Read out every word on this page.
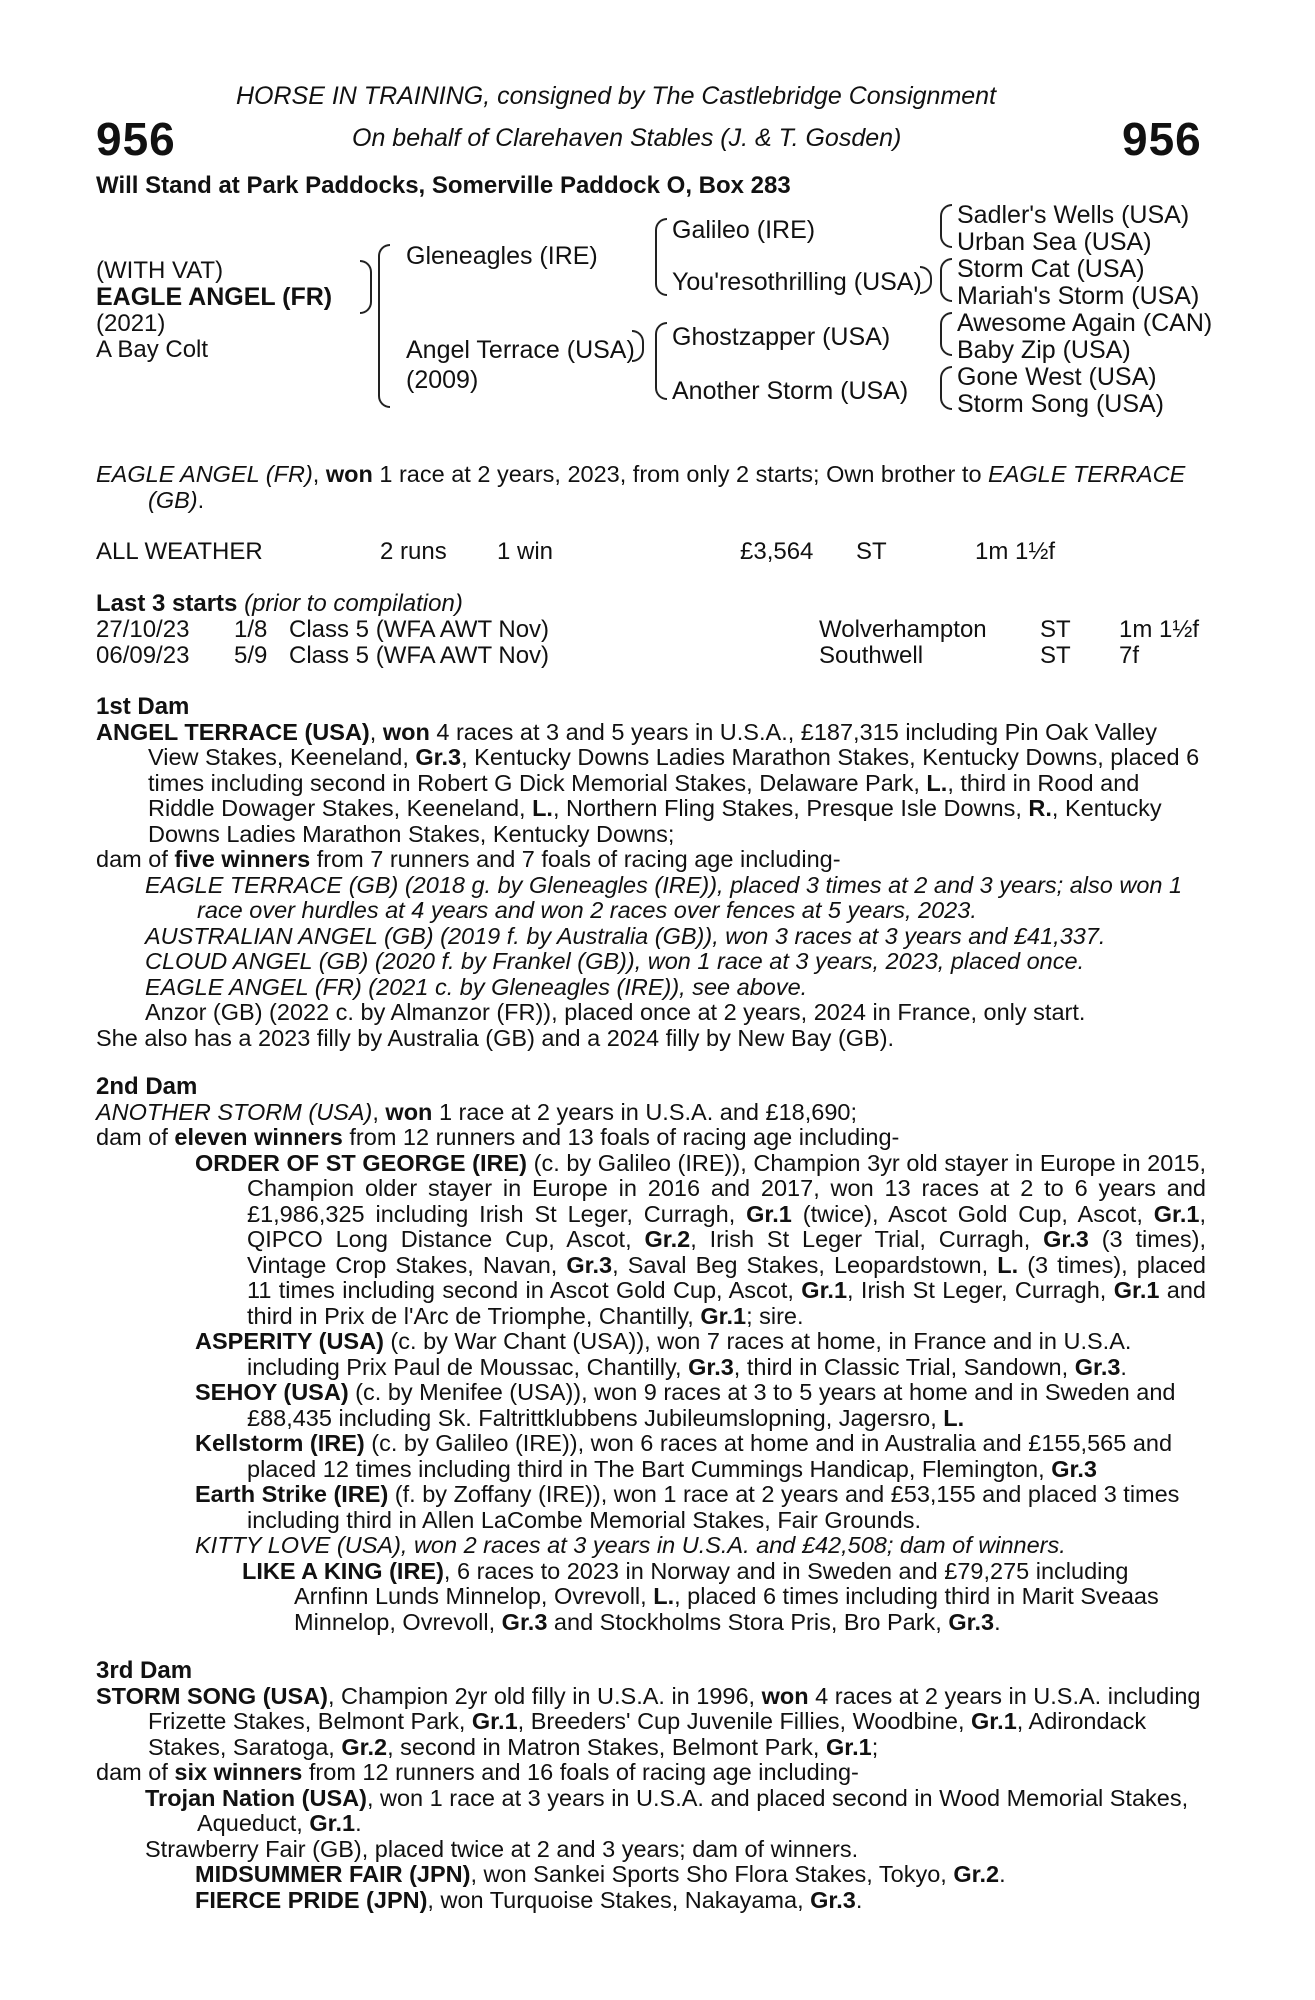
956	956
HORSE IN TRAINING, consigned by The Castlebridge Consignment
On behalf of Clarehaven Stables (J. & T. Gosden)
Will Stand at Park Paddocks, Somerville Paddock O, Box 283
(WITH VAT)
EAGLE ANGEL (FR)
(2021)
A Bay Colt
Gleneagles (IRE)
Angel Terrace (USA)
(2009)
Galileo (IRE)
You'resothrilling (USA)
Ghostzapper (USA)
Another Storm (USA)
Sadler's Wells (USA)
Urban Sea (USA)
Storm Cat (USA)
Mariah's Storm (USA)
Awesome Again (CAN)
Baby Zip (USA)
Gone West (USA)
Storm Song (USA)

EAGLE ANGEL (FR), won 1 race at 2 years, 2023, from only 2 starts; Own brother to EAGLE TERRACE (GB).

ALL WEATHER	2 runs 1 win	£3,564 ST	1m 1½f
Last 3 starts (prior to compilation)
27/10/23 1/8 Class 5 (WFA AWT Nov)	Wolverhampton ST 1m 1½f
06/09/23 5/9 Class 5 (WFA AWT Nov)	Southwell	ST 7f

1st Dam

ANGEL TERRACE (USA), won 4 races at 3 and 5 years in U.S.A., £187,315 including Pin Oak Valley View Stakes, Keeneland, Gr.3, Kentucky Downs Ladies Marathon Stakes, Kentucky Downs, placed 6 times including second in Robert G Dick Memorial Stakes, Delaware Park, L., third in Rood and Riddle Dowager Stakes, Keeneland, L., Northern Fling Stakes, Presque Isle Downs, R., Kentucky Downs Ladies Marathon Stakes, Kentucky Downs;

dam of five winners from 7 runners and 7 foals of racing age including-

EAGLE TERRACE (GB) (2018 g. by Gleneagles (IRE)), placed 3 times at 2 and 3 years; also won 1 race over hurdles at 4 years and won 2 races over fences at 5 years, 2023.

AUSTRALIAN ANGEL (GB) (2019 f. by Australia (GB)), won 3 races at 3 years and £41,337.

CLOUD ANGEL (GB) (2020 f. by Frankel (GB)), won 1 race at 3 years, 2023, placed once.

EAGLE ANGEL (FR) (2021 c. by Gleneagles (IRE)), see above.

Anzor (GB) (2022 c. by Almanzor (FR)), placed once at 2 years, 2024 in France, only start.

She also has a 2023 filly by Australia (GB) and a 2024 filly by New Bay (GB).

2nd Dam

ANOTHER STORM (USA), won 1 race at 2 years in U.S.A. and £18,690;

dam of eleven winners from 12 runners and 13 foals of racing age including-

ORDER OF ST GEORGE (IRE) (c. by Galileo (IRE)), Champion 3yr old stayer in Europe in 2015, Champion older stayer in Europe in 2016 and 2017, won 13 races at 2 to 6 years and £1,986,325 including Irish St Leger, Curragh, Gr.1 (twice), Ascot Gold Cup, Ascot, Gr.1, QIPCO Long Distance Cup, Ascot, Gr.2, Irish St Leger Trial, Curragh, Gr.3 (3 times), Vintage Crop Stakes, Navan, Gr.3, Saval Beg Stakes, Leopardstown, L. (3 times), placed 11 times including second in Ascot Gold Cup, Ascot, Gr.1, Irish St Leger, Curragh, Gr.1 and third in Prix de l'Arc de Triomphe, Chantilly, Gr.1; sire.

ASPERITY (USA) (c. by War Chant (USA)), won 7 races at home, in France and in U.S.A. including Prix Paul de Moussac, Chantilly, Gr.3, third in Classic Trial, Sandown, Gr.3.

SEHOY (USA) (c. by Menifee (USA)), won 9 races at 3 to 5 years at home and in Sweden and £88,435 including Sk. Faltrittklubbens Jubileumslopning, Jagersro, L.

Kellstorm (IRE) (c. by Galileo (IRE)), won 6 races at home and in Australia and £155,565 and placed 12 times including third in The Bart Cummings Handicap, Flemington, Gr.3

Earth Strike (IRE) (f. by Zoffany (IRE)), won 1 race at 2 years and £53,155 and placed 3 times including third in Allen LaCombe Memorial Stakes, Fair Grounds.

KITTY LOVE (USA), won 2 races at 3 years in U.S.A. and £42,508; dam of winners.

LIKE A KING (IRE), 6 races to 2023 in Norway and in Sweden and £79,275 including Arnfinn Lunds Minnelop, Ovrevoll, L., placed 6 times including third in Marit Sveaas Minnelop, Ovrevoll, Gr.3 and Stockholms Stora Pris, Bro Park, Gr.3.

3rd Dam

STORM SONG (USA), Champion 2yr old filly in U.S.A. in 1996, won 4 races at 2 years in U.S.A. including Frizette Stakes, Belmont Park, Gr.1, Breeders' Cup Juvenile Fillies, Woodbine, Gr.1, Adirondack Stakes, Saratoga, Gr.2, second in Matron Stakes, Belmont Park, Gr.1;

dam of six winners from 12 runners and 16 foals of racing age including-

Trojan Nation (USA), won 1 race at 3 years in U.S.A. and placed second in Wood Memorial Stakes, Aqueduct, Gr.1.

Strawberry Fair (GB), placed twice at 2 and 3 years; dam of winners.

MIDSUMMER FAIR (JPN), won Sankei Sports Sho Flora Stakes, Tokyo, Gr.2.

FIERCE PRIDE (JPN), won Turquoise Stakes, Nakayama, Gr.3.
